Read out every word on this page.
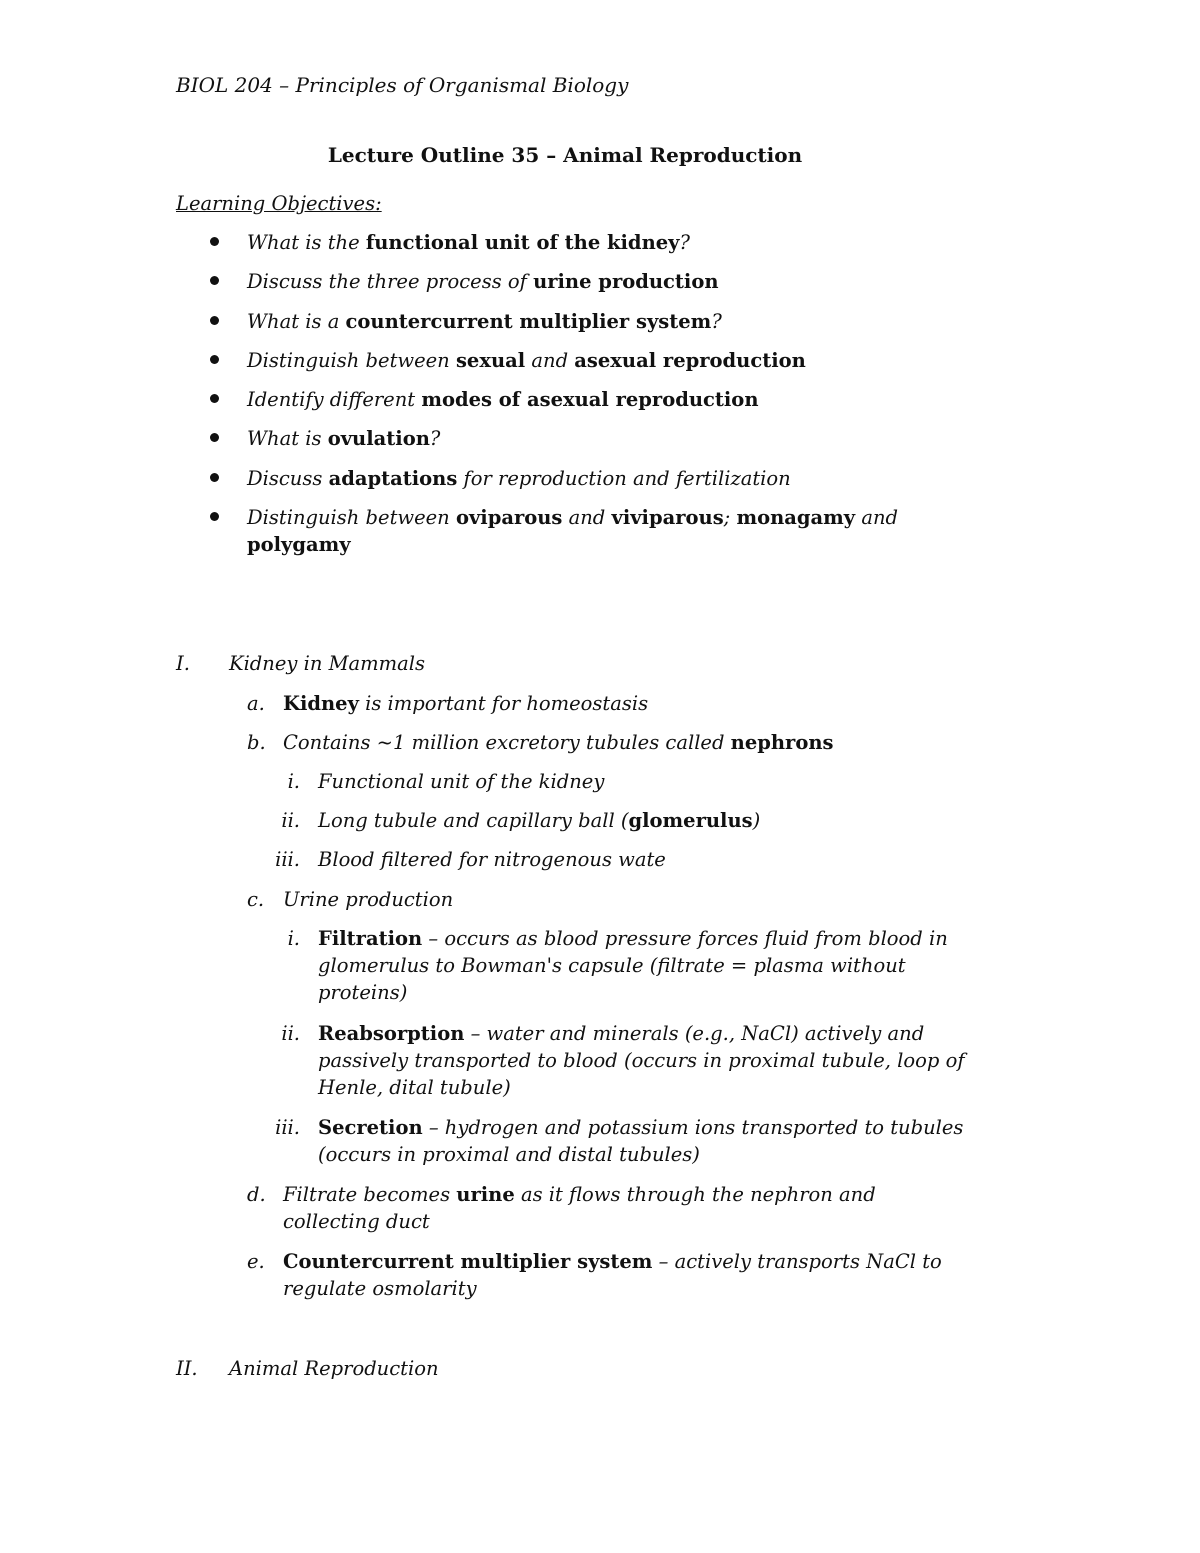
BIOL 204 – Principles of Organismal Biology
Lecture Outline 35 – Animal Reproduction
Learning Objectives:
What is the functional unit of the kidney?
Discuss the three process of urine production
What is a countercurrent multiplier system?
Distinguish between sexual and asexual reproduction
Identify different modes of asexual reproduction
What is ovulation?
Discuss adaptations for reproduction and fertilization
Distinguish between oviparous and viviparous; monagamy and polygamy
I. Kidney in Mammals
a. Kidney is important for homeostasis
b. Contains ~1 million excretory tubules called nephrons
i. Functional unit of the kidney
ii. Long tubule and capillary ball (glomerulus)
iii. Blood filtered for nitrogenous wate
c. Urine production
i. Filtration – occurs as blood pressure forces fluid from blood in glomerulus to Bowman's capsule (filtrate = plasma without proteins)
ii. Reabsorption – water and minerals (e.g., NaCl) actively and passively transported to blood (occurs in proximal tubule, loop of Henle, dital tubule)
iii. Secretion – hydrogen and potassium ions transported to tubules (occurs in proximal and distal tubules)
d. Filtrate becomes urine as it flows through the nephron and collecting duct
e. Countercurrent multiplier system – actively transports NaCl to regulate osmolarity
II. Animal Reproduction
